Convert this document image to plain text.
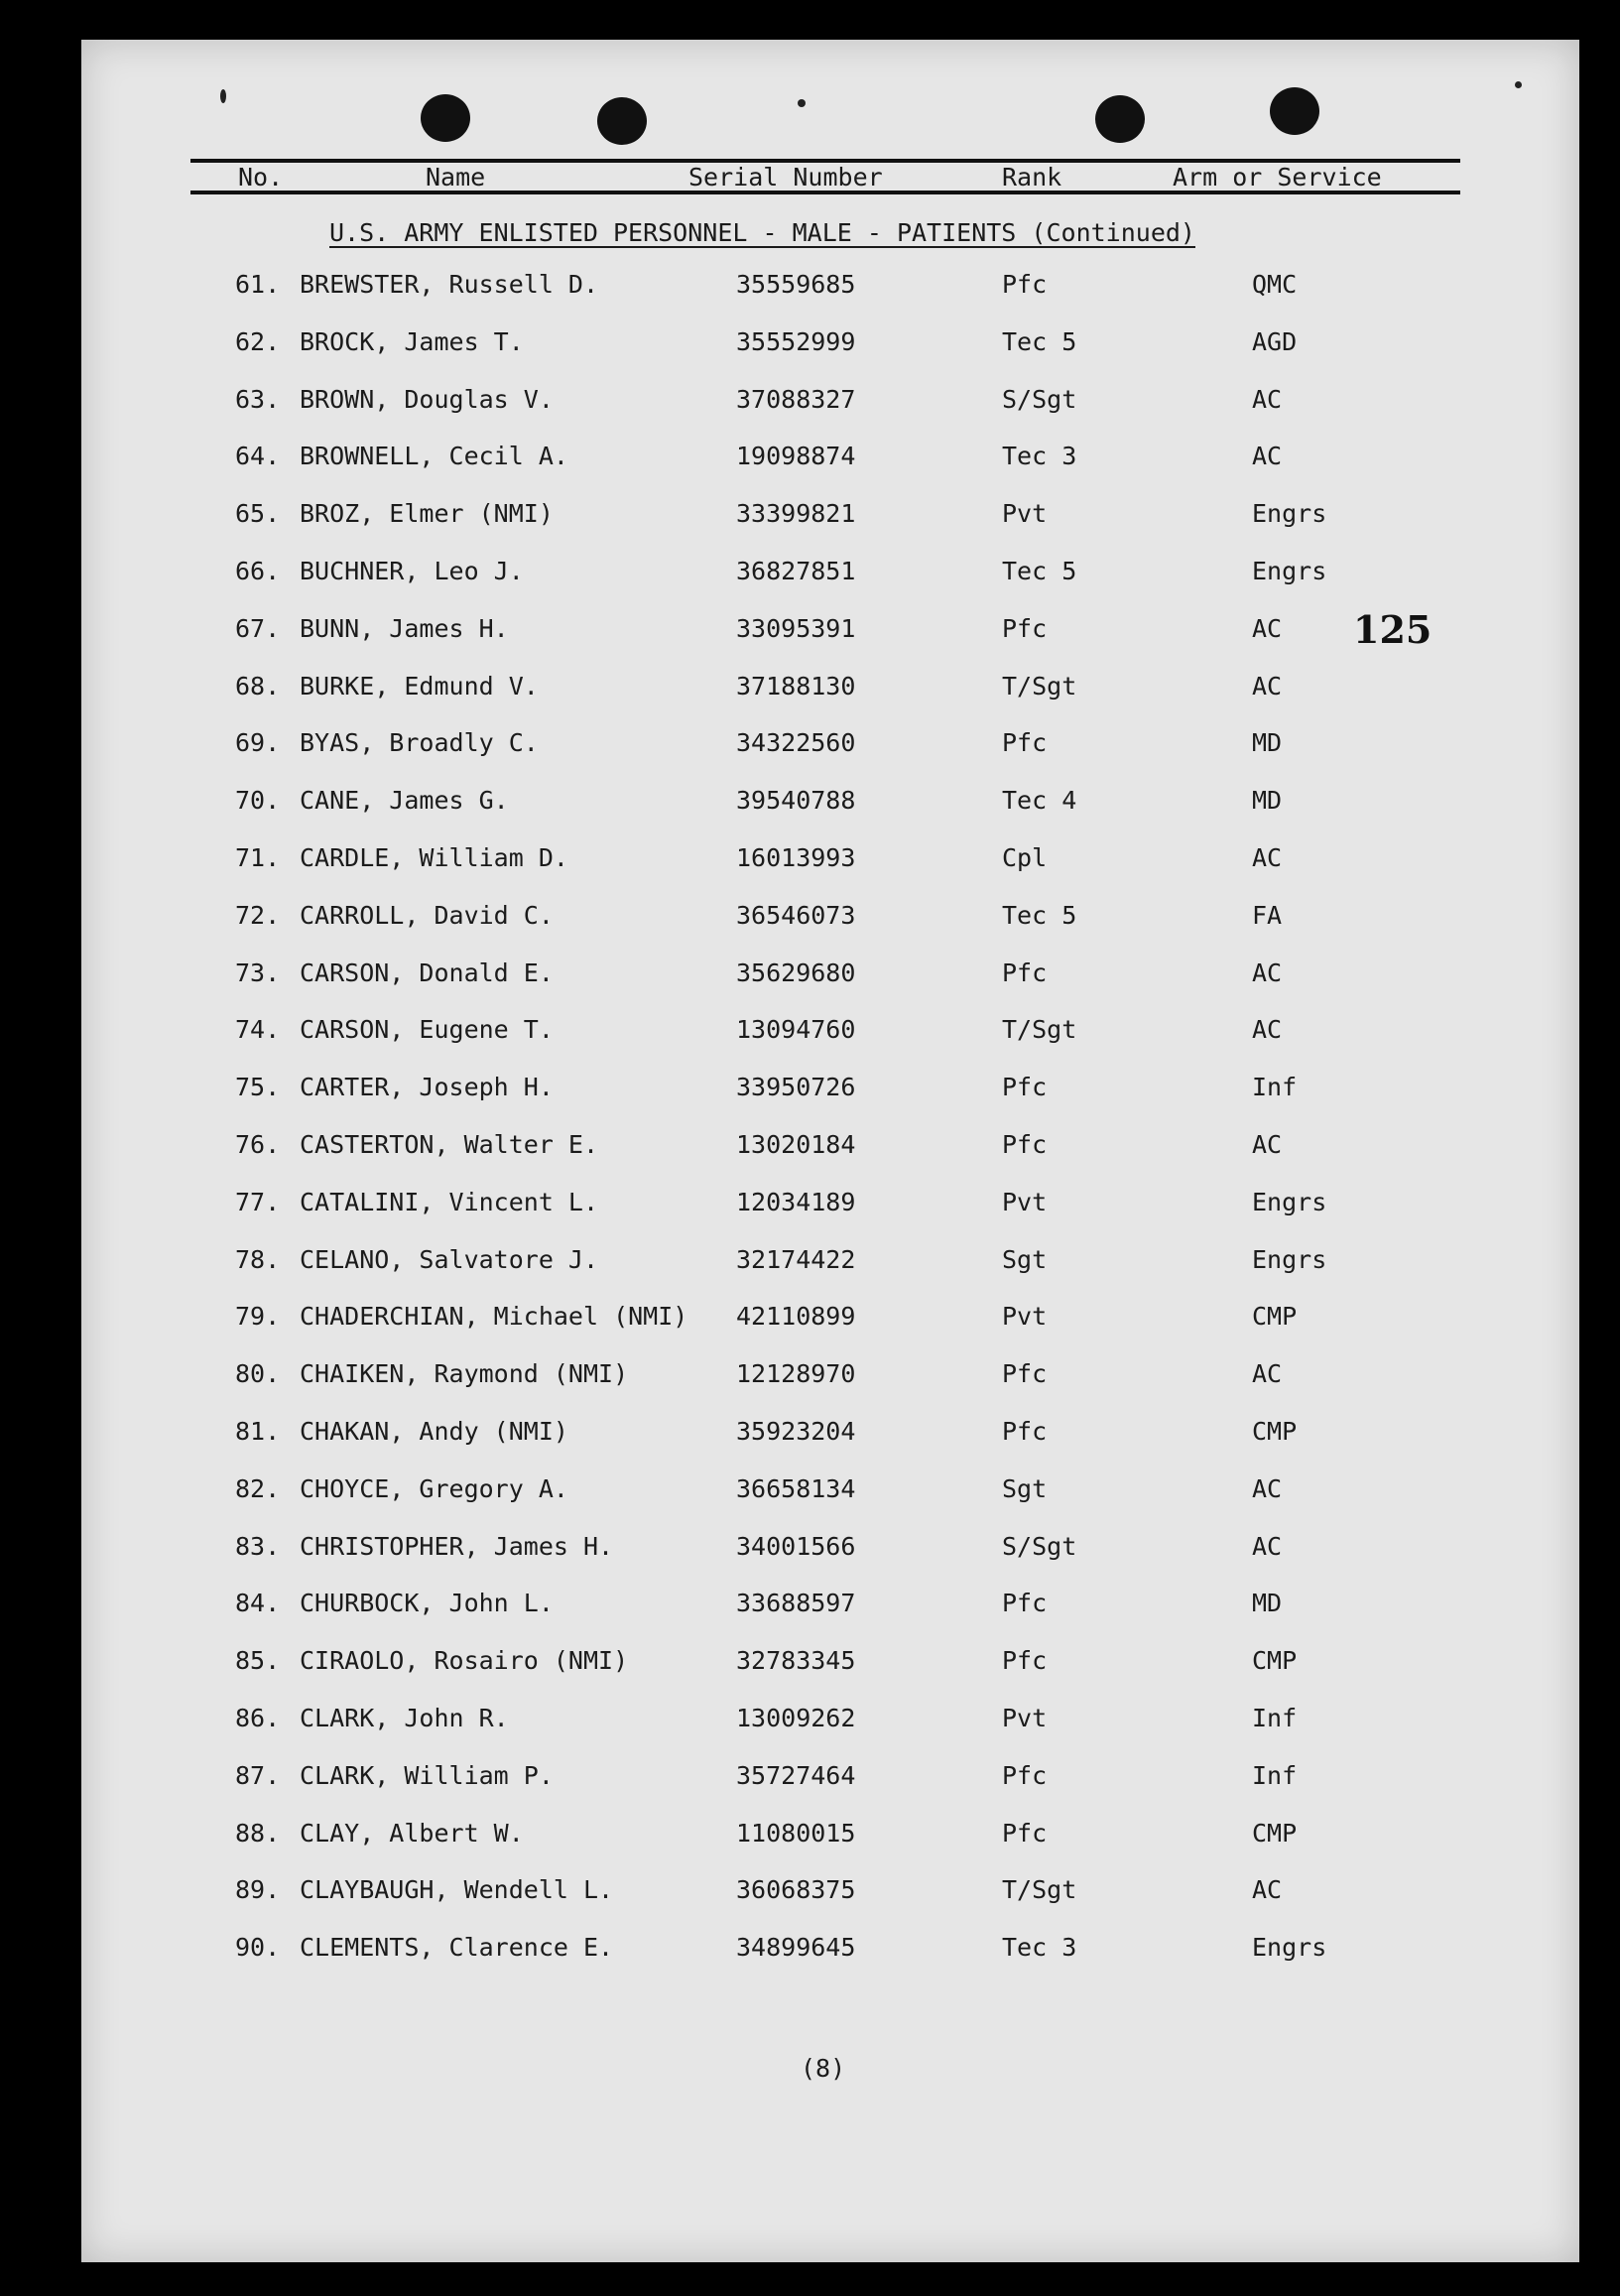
No.	Name	Serial Number	Rank	Arm or Service
U.S. ARMY ENLISTED PERSONNEL - MALE - PATIENTS (Continued)
61. BREWSTER, Russell D.	35559685	Pfc	QMC
62. BROCK, James T.	35552999	Tec 5	AGD
63. BROWN, Douglas V.	37088327	S/Sgt	AC
64. BROWNELL, Cecil A.	19098874	Tec 3	AC
65. BROZ, Elmer (NMI)	33399821	Pvt	Engrs
66. BUCHNER, Leo J.	36827851	Tec 5	Engrs
67. BUNN, James H.	33095391	Pfc	AC
68. BURKE, Edmund V.	37188130	T/Sgt	AC
69. BYAS, Broadly C.	34322560	Pfc	MD
70. CANE, James G.	39540788	Tec 4	MD
71. CARDLE, William D.	16013993	Cpl	AC
72. CARROLL, David C.	36546073	Tec 5	FA
73. CARSON, Donald E.	35629680	Pfc	AC
74. CARSON, Eugene T.	13094760	T/Sgt	AC
75. CARTER, Joseph H.	33950726	Pfc	Inf
76. CASTERTON, Walter E.	13020184	Pfc	AC
77. CATALINI, Vincent L.	12034189	Pvt	Engrs
78. CELANO, Salvatore J.	32174422	Sgt	Engrs
79. CHADERCHIAN, Michael (NMI) 42110899	Pvt	CMP
80. CHAIKEN, Raymond (NMI)	12128970	Pfc	AC
81. CHAKAN, Andy (NMI)	35923204	Pfc	CMP
82. CHOYCE, Gregory A.	36658134	Sgt	AC
83. CHRISTOPHER, James H.	34001566	S/Sgt	AC
84. CHURBOCK, John L.	33688597	Pfc	MD
85. CIRAOLO, Rosairo (NMI)	32783345	Pfc	CMP
86. CLARK, John R.	13009262	Pvt	Inf
87. CLARK, William P.	35727464	Pfc	Inf
88. CLAY, Albert W.	11080015	Pfc	CMP
89. CLAYBAUGH, Wendell L.	36068375	T/Sgt	AC
90. CLEMENTS, Clarence E.	34899645	Tec 3	Engrs
125
(8)
